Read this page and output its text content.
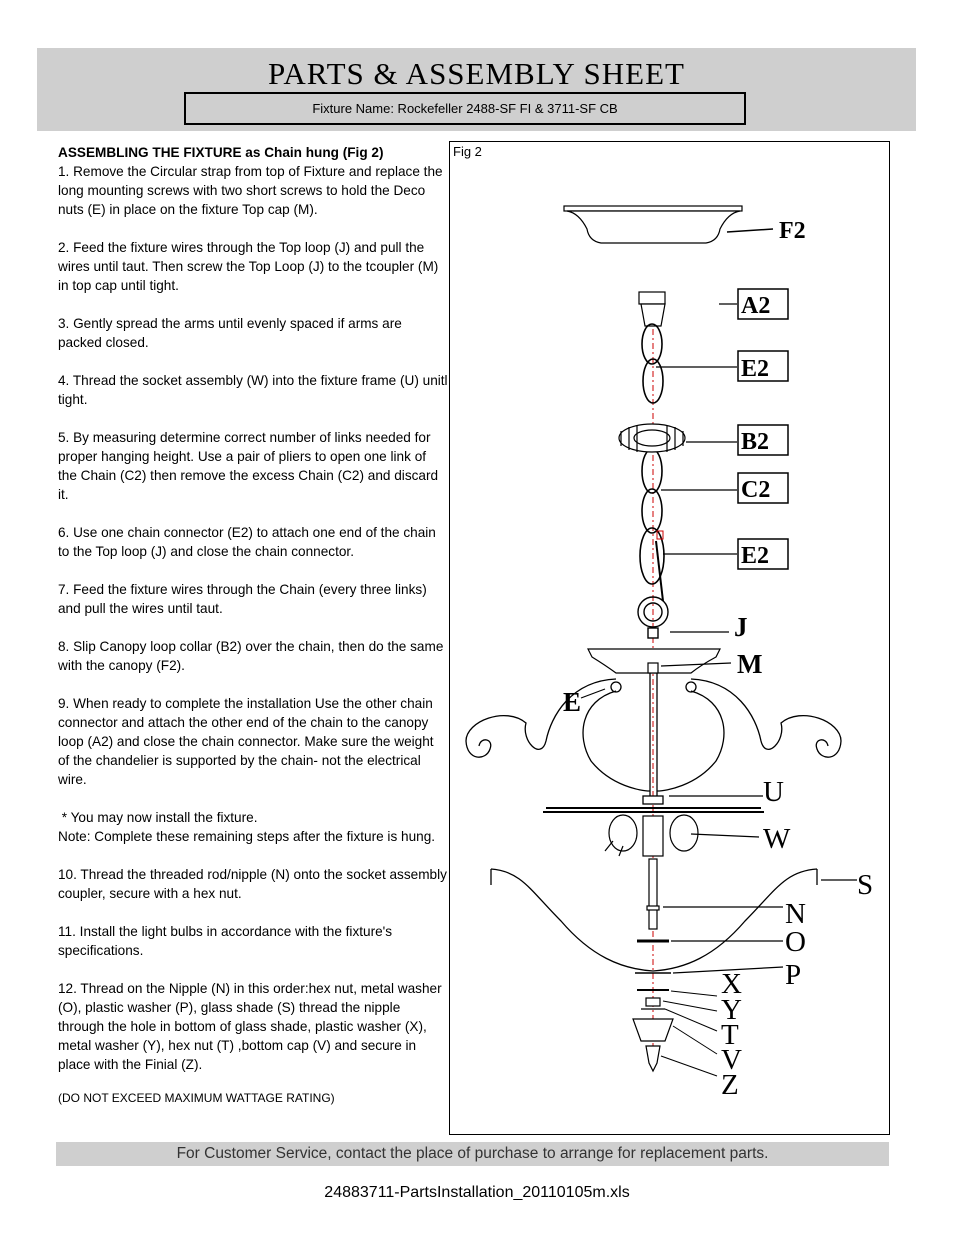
PARTS & ASSEMBLY SHEET
Fixture Name: Rockefeller 2488-SF FI & 3711-SF CB
ASSEMBLING THE FIXTURE as Chain hung (Fig 2)

1. Remove the Circular strap from top of Fixture and replace the long mounting screws with two short screws to hold the Deco nuts (E) in place on the fixture Top cap (M).

2. Feed the fixture wires through the Top loop (J) and pull the wires until taut. Then screw the Top Loop (J) to the tcoupler (M) in top cap until tight.

3. Gently spread the arms until evenly spaced if arms are packed closed.

4. Thread the socket assembly (W) into the fixture frame (U) unitl tight.

5. By measuring determine correct number of links needed for proper hanging height. Use a pair of pliers to open one link of the Chain (C2) then remove the excess Chain (C2) and discard it.

6. Use one chain connector (E2) to attach one end of the chain to the Top loop (J) and close the chain connector.

7. Feed the fixture wires through the Chain (every three links) and pull the wires until taut.

8. Slip Canopy loop collar (B2) over the chain, then do the same with the canopy (F2).

9. When ready to complete the installation Use the other chain connector and attach the other end of the chain to the canopy loop (A2) and close the chain connector. Make sure the weight of the chandelier is supported by the chain- not the electrical wire.

* You may now install the fixture.

Note: Complete these remaining steps after the fixture is hung.

10. Thread the threaded rod/nipple (N) onto the socket assembly coupler, secure with a hex nut.

11. Install the light bulbs in accordance with the fixture's specifications.

12. Thread on the Nipple (N) in this order:hex nut, metal washer (O), plastic washer (P), glass shade (S) thread the nipple through the hole in bottom of glass shade, plastic washer (X), metal washer (Y), hex nut (T) ,bottom cap (V) and secure in place with the Finial (Z).

(DO NOT EXCEED MAXIMUM WATTAGE RATING)
Fig 2
F2
A2
E2
B2
C2
E2
J
M
E
U
W
S
N
O
P
X
Y
T
V
Z
For Customer Service, contact the place of purchase to arrange for replacement parts.
24883711-PartsInstallation_20110105m.xls
